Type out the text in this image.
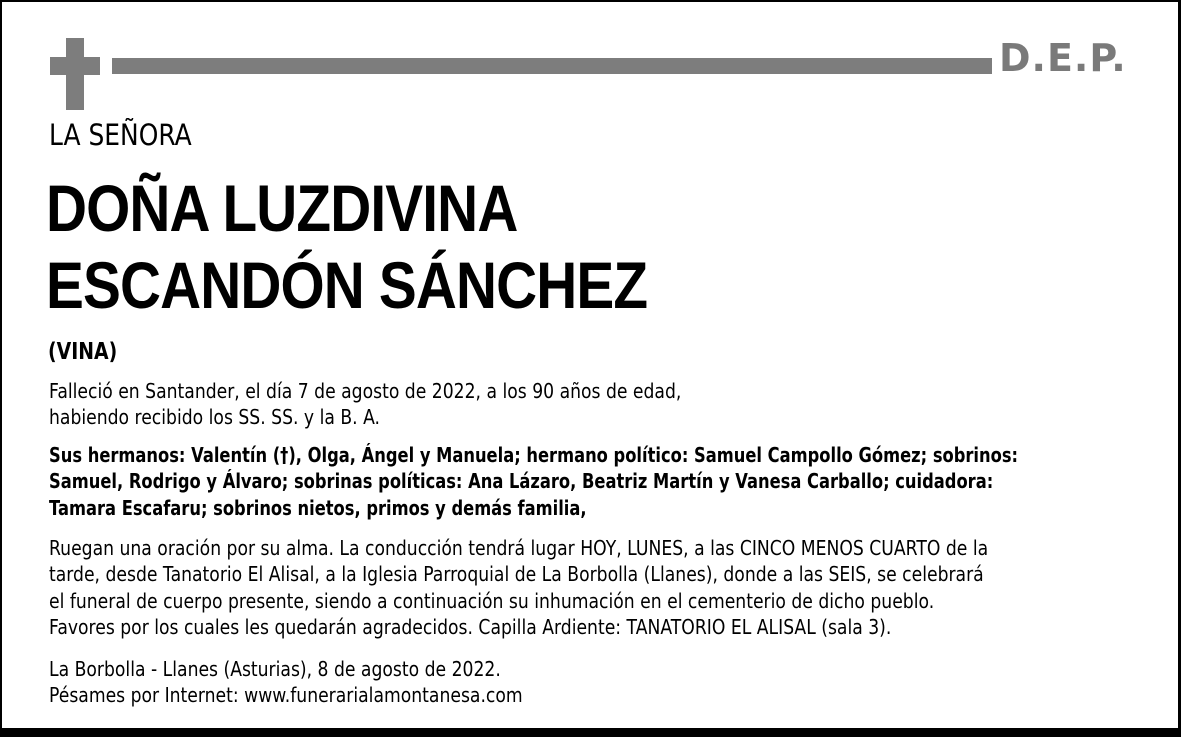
D.E.P.
LA SEÑORA
DOÑA LUZDIVINA
ESCANDÓN SÁNCHEZ
(VINA)
Falleció en Santander, el día 7 de agosto de 2022, a los 90 años de edad,
habiendo recibido los SS. SS. y la B. A.
Sus hermanos: Valentín (†), Olga, Ángel y Manuela; hermano político: Samuel Campollo Gómez; sobrinos:
Samuel, Rodrigo y Álvaro; sobrinas políticas: Ana Lázaro, Beatriz Martín y Vanesa Carballo; cuidadora:
Tamara Escafaru; sobrinos nietos, primos y demás familia,
Ruegan una oración por su alma. La conducción tendrá lugar HOY, LUNES, a las CINCO MENOS CUARTO de la
tarde, desde Tanatorio El Alisal, a la Iglesia Parroquial de La Borbolla (Llanes), donde a las SEIS, se celebrará
el funeral de cuerpo presente, siendo a continuación su inhumación en el cementerio de dicho pueblo.
Favores por los cuales les quedarán agradecidos. Capilla Ardiente: TANATORIO EL ALISAL (sala 3).
La Borbolla - Llanes (Asturias), 8 de agosto de 2022.
Pésames por Internet: www.funerarialamontanesa.com
